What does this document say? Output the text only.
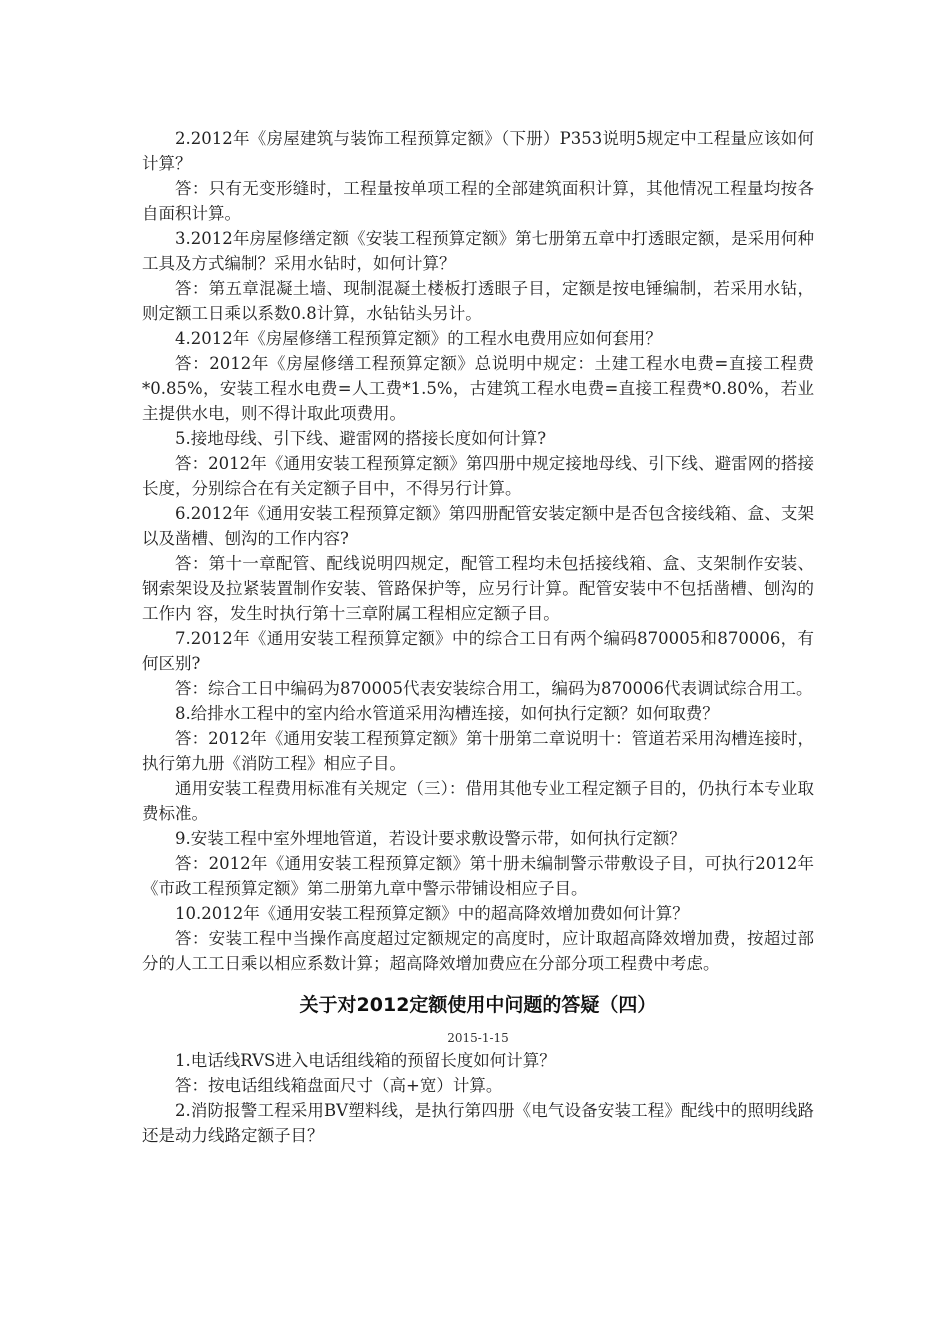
2.2012年《房屋建筑与装饰工程预算定额》（下册）P353说明5规定中工程量应该如何计算？

答：只有无变形缝时，工程量按单项工程的全部建筑面积计算，其他情况工程量均按各自面积计算。

3.2012年房屋修缮定额《安装工程预算定额》第七册第五章中打透眼定额，是采用何种工具及方式编制？采用水钻时，如何计算？

答：第五章混凝土墙、现制混凝土楼板打透眼子目，定额是按电锤编制，若采用水钻，则定额工日乘以系数0.8计算，水钻钻头另计。

4.2012年《房屋修缮工程预算定额》的工程水电费用应如何套用？

答：2012年《房屋修缮工程预算定额》总说明中规定：土建工程水电费=直接工程费*0.85%，安装工程水电费=人工费*1.5%，古建筑工程水电费=直接工程费*0.80%，若业主提供水电，则不得计取此项费用。

5.接地母线、引下线、避雷网的搭接长度如何计算?

答：2012年《通用安装工程预算定额》第四册中规定接地母线、引下线、避雷网的搭接长度，分别综合在有关定额子目中，不得另行计算。

6.2012年《通用安装工程预算定额》第四册配管安装定额中是否包含接线箱、盒、支架以及凿槽、刨沟的工作内容?

答：第十一章配管、配线说明四规定，配管工程均未包括接线箱、盒、支架制作安装、钢索架设及拉紧装置制作安装、管路保护等，应另行计算。配管安装中不包括凿槽、刨沟的工作内 容，发生时执行第十三章附属工程相应定额子目。

7.2012年《通用安装工程预算定额》中的综合工日有两个编码870005和870006，有何区别?

答：综合工日中编码为870005代表安装综合用工，编码为870006代表调试综合用工。

8.给排水工程中的室内给水管道采用沟槽连接，如何执行定额？如何取费？

答：2012年《通用安装工程预算定额》第十册第二章说明十：管道若采用沟槽连接时，执行第九册《消防工程》相应子目。

通用安装工程费用标准有关规定（三）：借用其他专业工程定额子目的，仍执行本专业取费标准。

9.安装工程中室外埋地管道，若设计要求敷设警示带，如何执行定额？

答：2012年《通用安装工程预算定额》第十册未编制警示带敷设子目，可执行2012年《市政工程预算定额》第二册第九章中警示带铺设相应子目。

10.2012年《通用安装工程预算定额》中的超高降效增加费如何计算？

答：安装工程中当操作高度超过定额规定的高度时，应计取超高降效增加费，按超过部分的人工工日乘以相应系数计算；超高降效增加费应在分部分项工程费中考虑。

关于对2012定额使用中问题的答疑（四）
2015-1-15

1.电话线RVS进入电话组线箱的预留长度如何计算？

答：按电话组线箱盘面尺寸（高+宽）计算。

2.消防报警工程采用BV塑料线，是执行第四册《电气设备安装工程》配线中的照明线路还是动力线路定额子目？
